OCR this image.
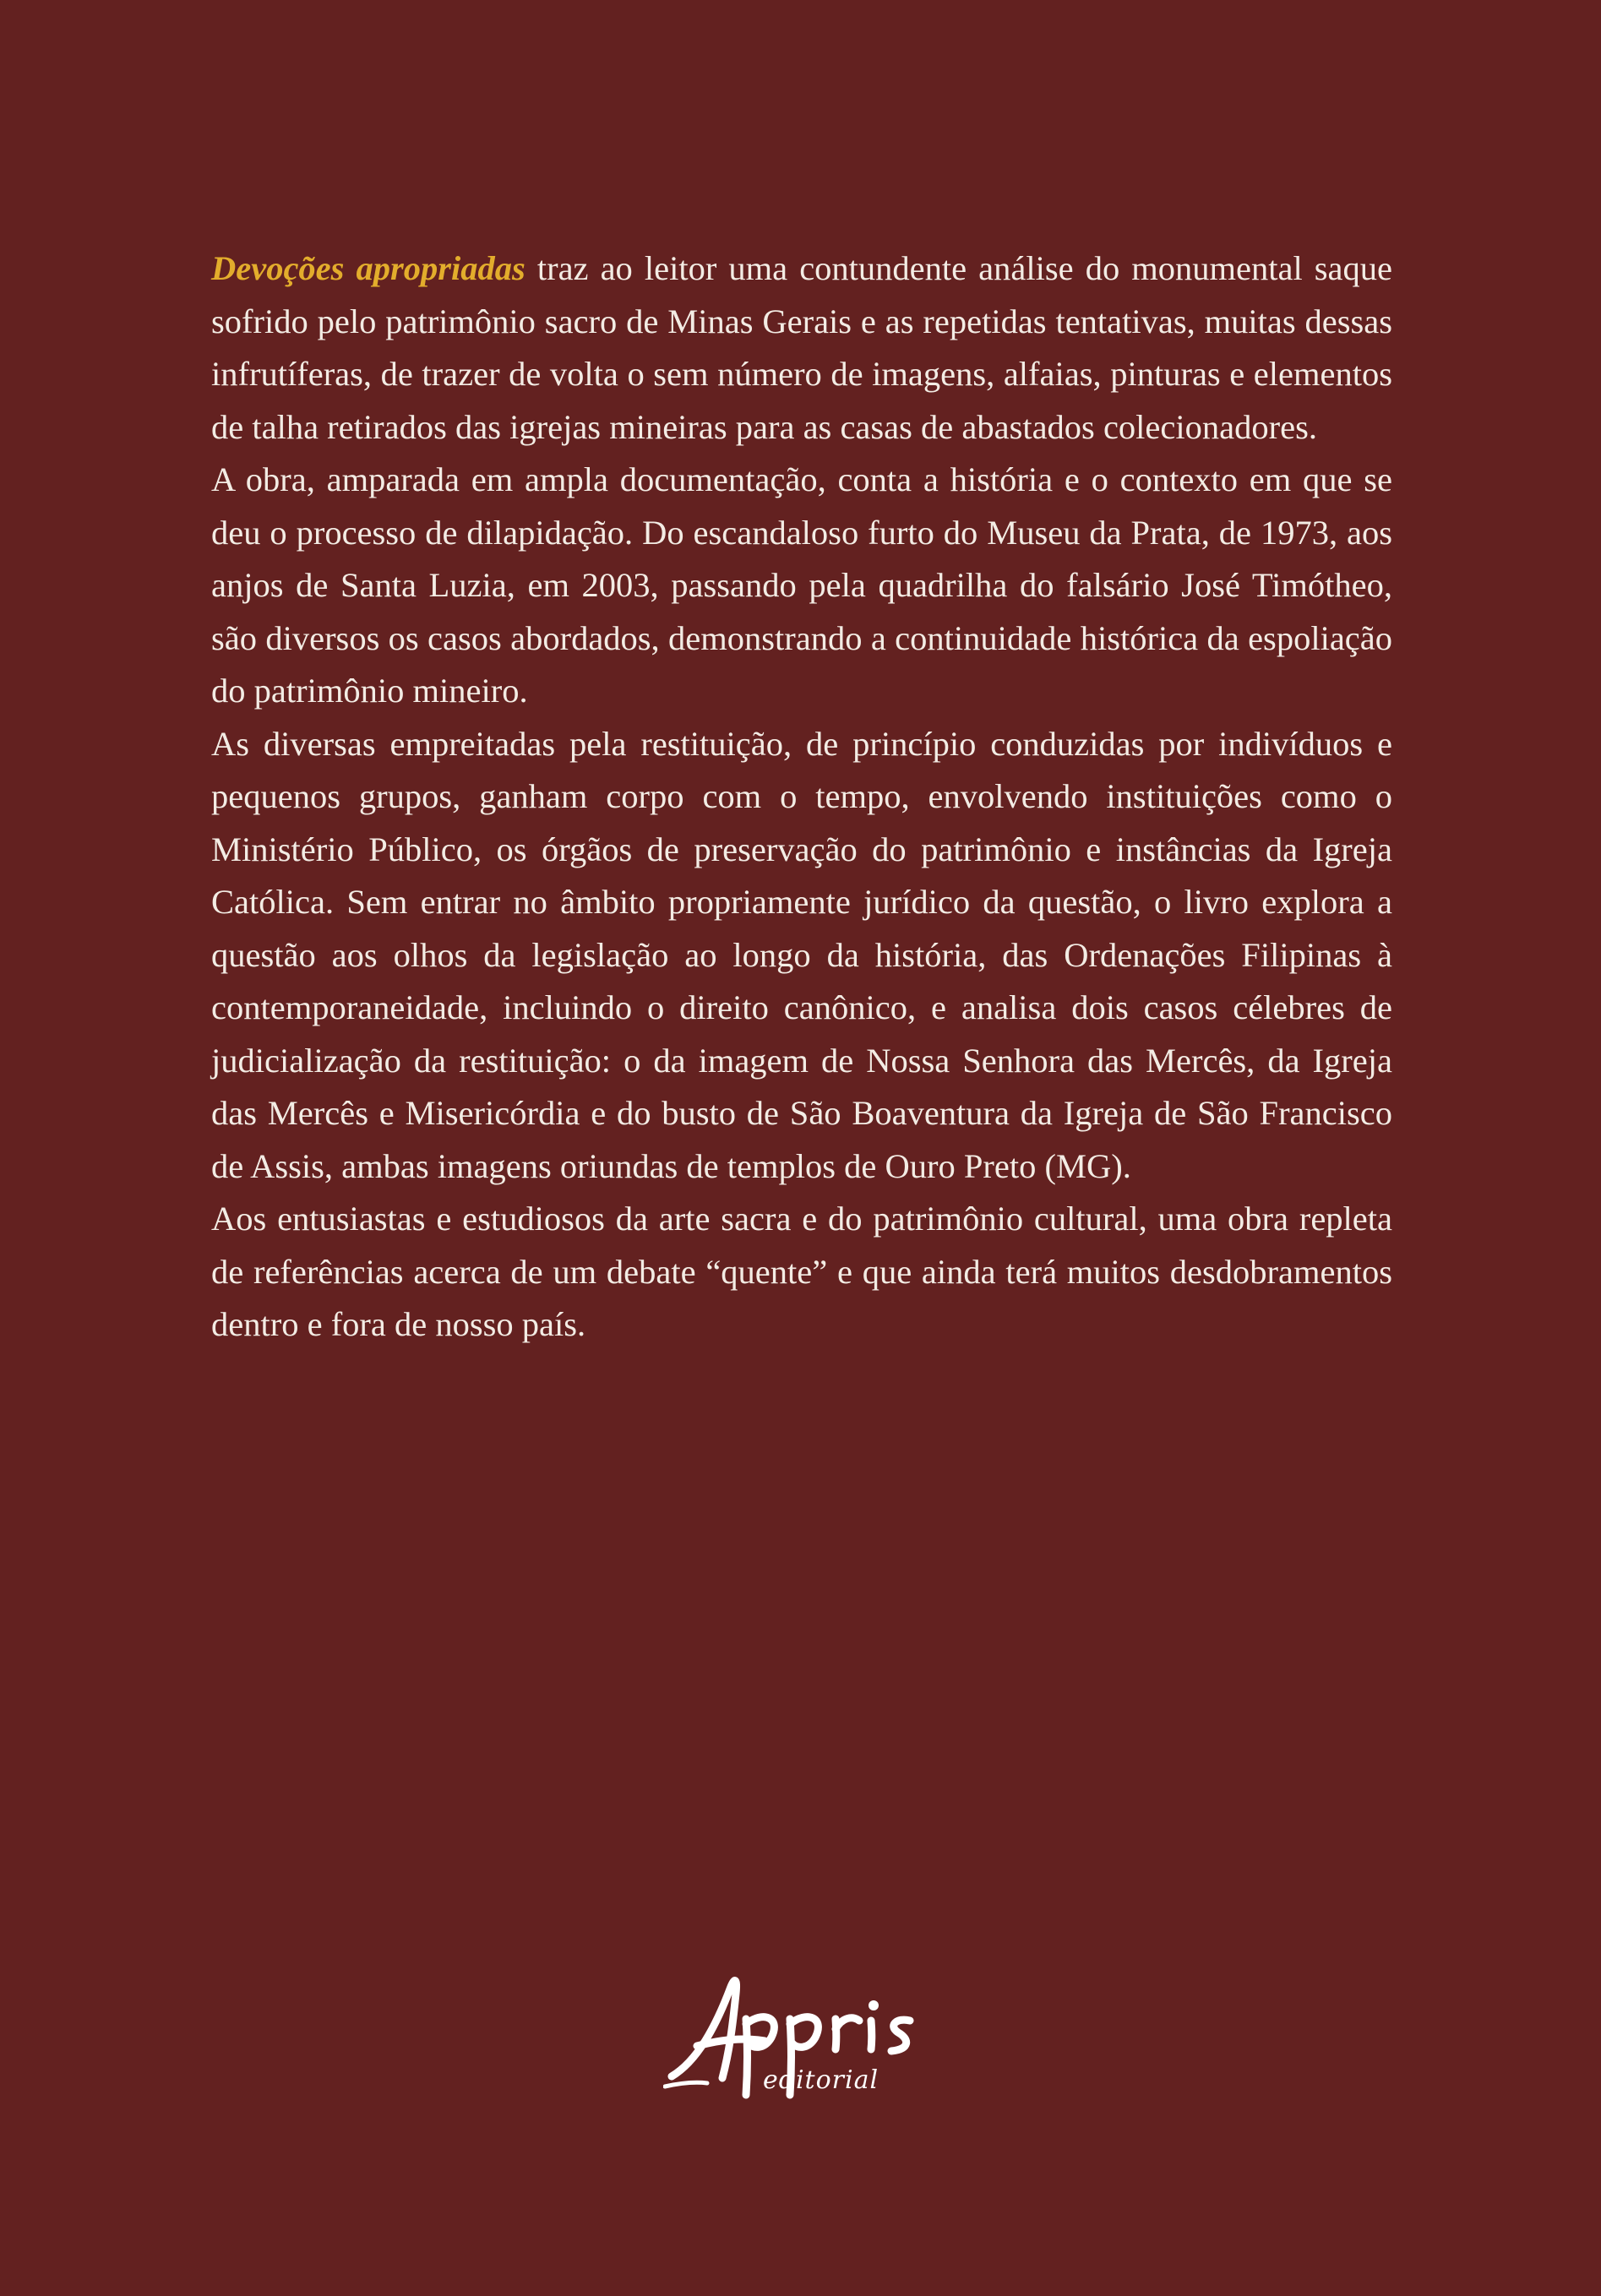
Devoções apropriadas traz ao leitor uma contundente análise do monumental saque sofrido pelo patrimônio sacro de Minas Gerais e as repetidas tentativas, muitas dessas infrutíferas, de trazer de volta o sem número de imagens, alfaias, pinturas e elementos de talha retirados das igrejas mineiras para as casas de abastados colecionadores.

A obra, amparada em ampla documentação, conta a história e o contexto em que se deu o processo de dilapidação. Do escandaloso furto do Museu da Prata, de 1973, aos anjos de Santa Luzia, em 2003, passando pela quadrilha do falsário José Timótheo, são diversos os casos abordados, demonstrando a continuidade histórica da espoliação do patrimônio mineiro.

As diversas empreitadas pela restituição, de princípio conduzidas por indivíduos e pequenos grupos, ganham corpo com o tempo, envolvendo instituições como o Ministério Público, os órgãos de preservação do patrimônio e instâncias da Igreja Católica. Sem entrar no âmbito propriamente jurídico da questão, o livro explora a questão aos olhos da legislação ao longo da história, das Ordenações Filipinas à contemporaneidade, incluindo o direito canônico, e analisa dois casos célebres de judicialização da restituição: o da imagem de Nossa Senhora das Mercês, da Igreja das Mercês e Misericórdia e do busto de São Boaventura da Igreja de São Francisco de Assis, ambas imagens oriundas de templos de Ouro Preto (MG).

Aos entusiastas e estudiosos da arte sacra e do patrimônio cultural, uma obra repleta de referências acerca de um debate “quente” e que ainda terá muitos desdobramentos dentro e fora de nosso país.

editorial
